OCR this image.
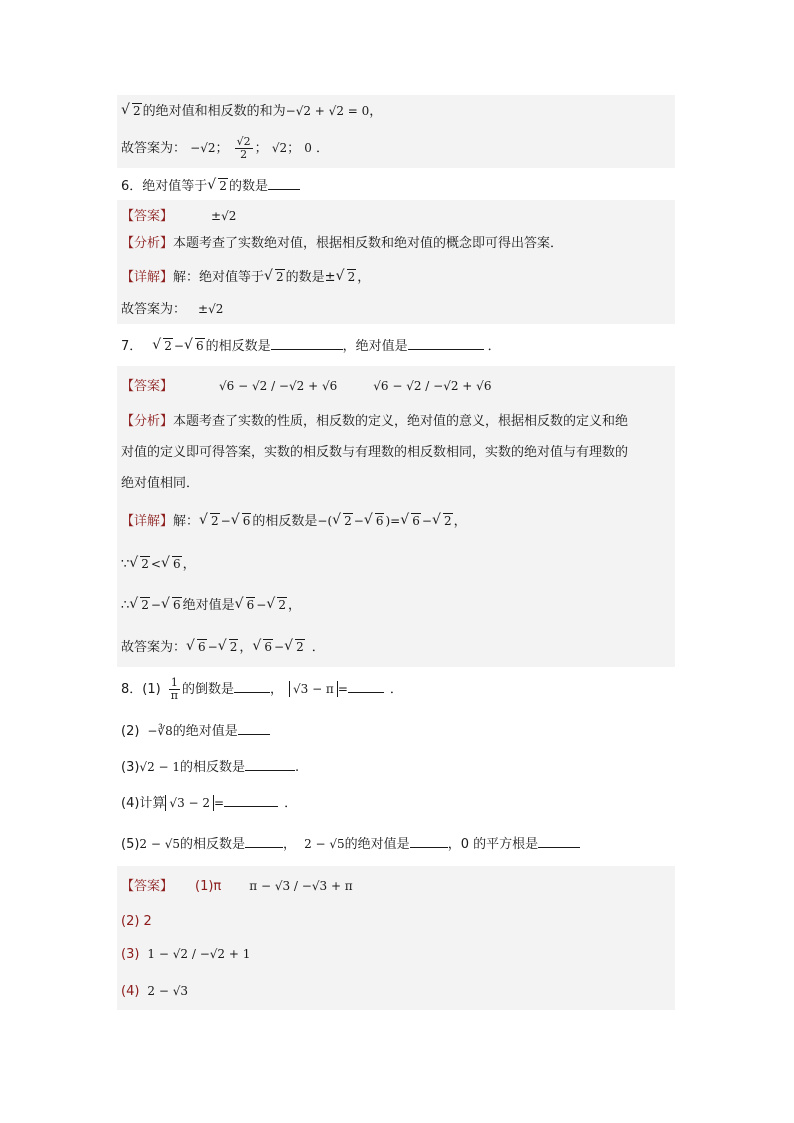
√ 2 的绝对值和相反数的和为−√2 + √2 = 0，
故答案为： −√2； $\frac{√2}{2}$ ； √2； 0 ．
6．绝对值等于 √ 2 的数是
【答案】	±√2
【分析】本题考查了实数绝对值，根据相反数和绝对值的概念即可得出答案．
【详解】解：绝对值等于 √ 2 的数是± √ 2 ，
故答案为： ±√2
7． √ 2 − √ 6 的相反数是	，绝对值是	．
【答案】	√6 − √2 / −√2 + √6	√6 − √2 / −√2 + √6
【分析】本题考查了实数的性质，相反数的定义，绝对值的意义，根据相反数的定义和绝
对值的定义即可得答案，实数的相反数与有理数的相反数相同，实数的绝对值与有理数的
绝对值相同．
【详解】解： √ 2 − √ 6 的相反数是−( √ 2 − √ 6 )= √ 6 − √ 2 ，
∵ √ 2 < √ 6 ，
∴ √ 2 − √ 6 绝对值是 √ 6 − √ 2 ，
故答案为： √ 6 − √ 2 ， √ 6 − √ 2 ．
8．$(1) \frac{1}{\pi}$ 的倒数是	， √3 − π =	．
(2) −∛8的绝对值是
(3)√2 − 1的相反数是	.
(4)计算 √3 − 2 =	．
(5)2 − √5的相反数是	， 2 − √5的绝对值是	，0 的平方根是
【答案】 (1)π π − √3 / −√3 + π
(2) 2
(3) 1 − √2 / −√2 + 1
(4) 2 − √3
